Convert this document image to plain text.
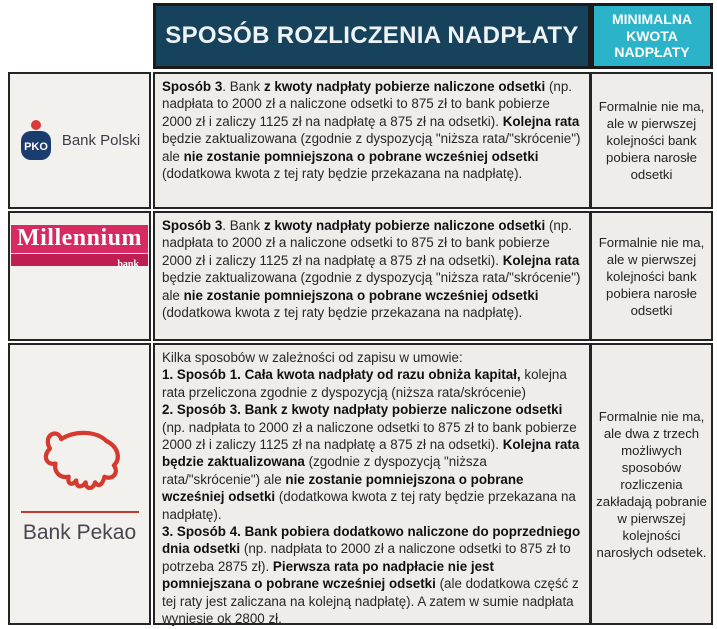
SPOSÓB ROZLICZENIA NADPŁATY
MINIMALNA KWOTA NADPŁATY
PKO Bank Polski

Sposób 3. Bank z kwoty nadpłaty pobierze naliczone odsetki (np. nadpłata to 2000 zł a naliczone odsetki to 875 zł to bank pobierze 2000 zł i zaliczy 1125 zł na nadpłatę a 875 zł na odsetki). Kolejna rata będzie zaktualizowana (zgodnie z dyspozycją "niższa rata/"skrócenie") ale nie zostanie pomniejszona o pobrane wcześniej odsetki (dodatkowa kwota z tej raty będzie przekazana na nadpłatę).

Formalnie nie ma, ale w pierwszej kolejności bank pobiera narosłe odsetki
Millennium
bank

Sposób 3. Bank z kwoty nadpłaty pobierze naliczone odsetki (np. nadpłata to 2000 zł a naliczone odsetki to 875 zł to bank pobierze 2000 zł i zaliczy 1125 zł na nadpłatę a 875 zł na odsetki). Kolejna rata będzie zaktualizowana (zgodnie z dyspozycją "niższa rata/"skrócenie") ale nie zostanie pomniejszona o pobrane wcześniej odsetki (dodatkowa kwota z tej raty będzie przekazana na nadpłatę).

Formalnie nie ma, ale w pierwszej kolejności bank pobiera narosłe odsetki
Bank Pekao

Kilka sposobów w zależności od zapisu w umowie:

1. Sposób 1. Cała kwota nadpłaty od razu obniża kapitał, kolejna rata przeliczona zgodnie z dyspozycją (niższa rata/skrócenie)

2. Sposób 3. Bank z kwoty nadpłaty pobierze naliczone odsetki (np. nadpłata to 2000 zł a naliczone odsetki to 875 zł to bank pobierze 2000 zł i zaliczy 1125 zł na nadpłatę a 875 zł na odsetki). Kolejna rata będzie zaktualizowana (zgodnie z dyspozycją "niższa rata/"skrócenie") ale nie zostanie pomniejszona o pobrane wcześniej odsetki (dodatkowa kwota z tej raty będzie przekazana na nadpłatę).

3. Sposób 4. Bank pobiera dodatkowo naliczone do poprzedniego dnia odsetki (np. nadpłata to 2000 zł a naliczone odsetki to 875 zł to potrzeba 2875 zł). Pierwsza rata po nadpłacie nie jest pomniejszana o pobrane wcześniej odsetki (ale dodatkowa część z tej raty jest zaliczana na kolejną nadpłatę). A zatem w sumie nadpłata wyniesie ok 2800 zł.

Formalnie nie ma, ale dwa z trzech możliwych sposobów rozliczenia zakładają pobranie w pierwszej kolejności narosłych odsetek.
